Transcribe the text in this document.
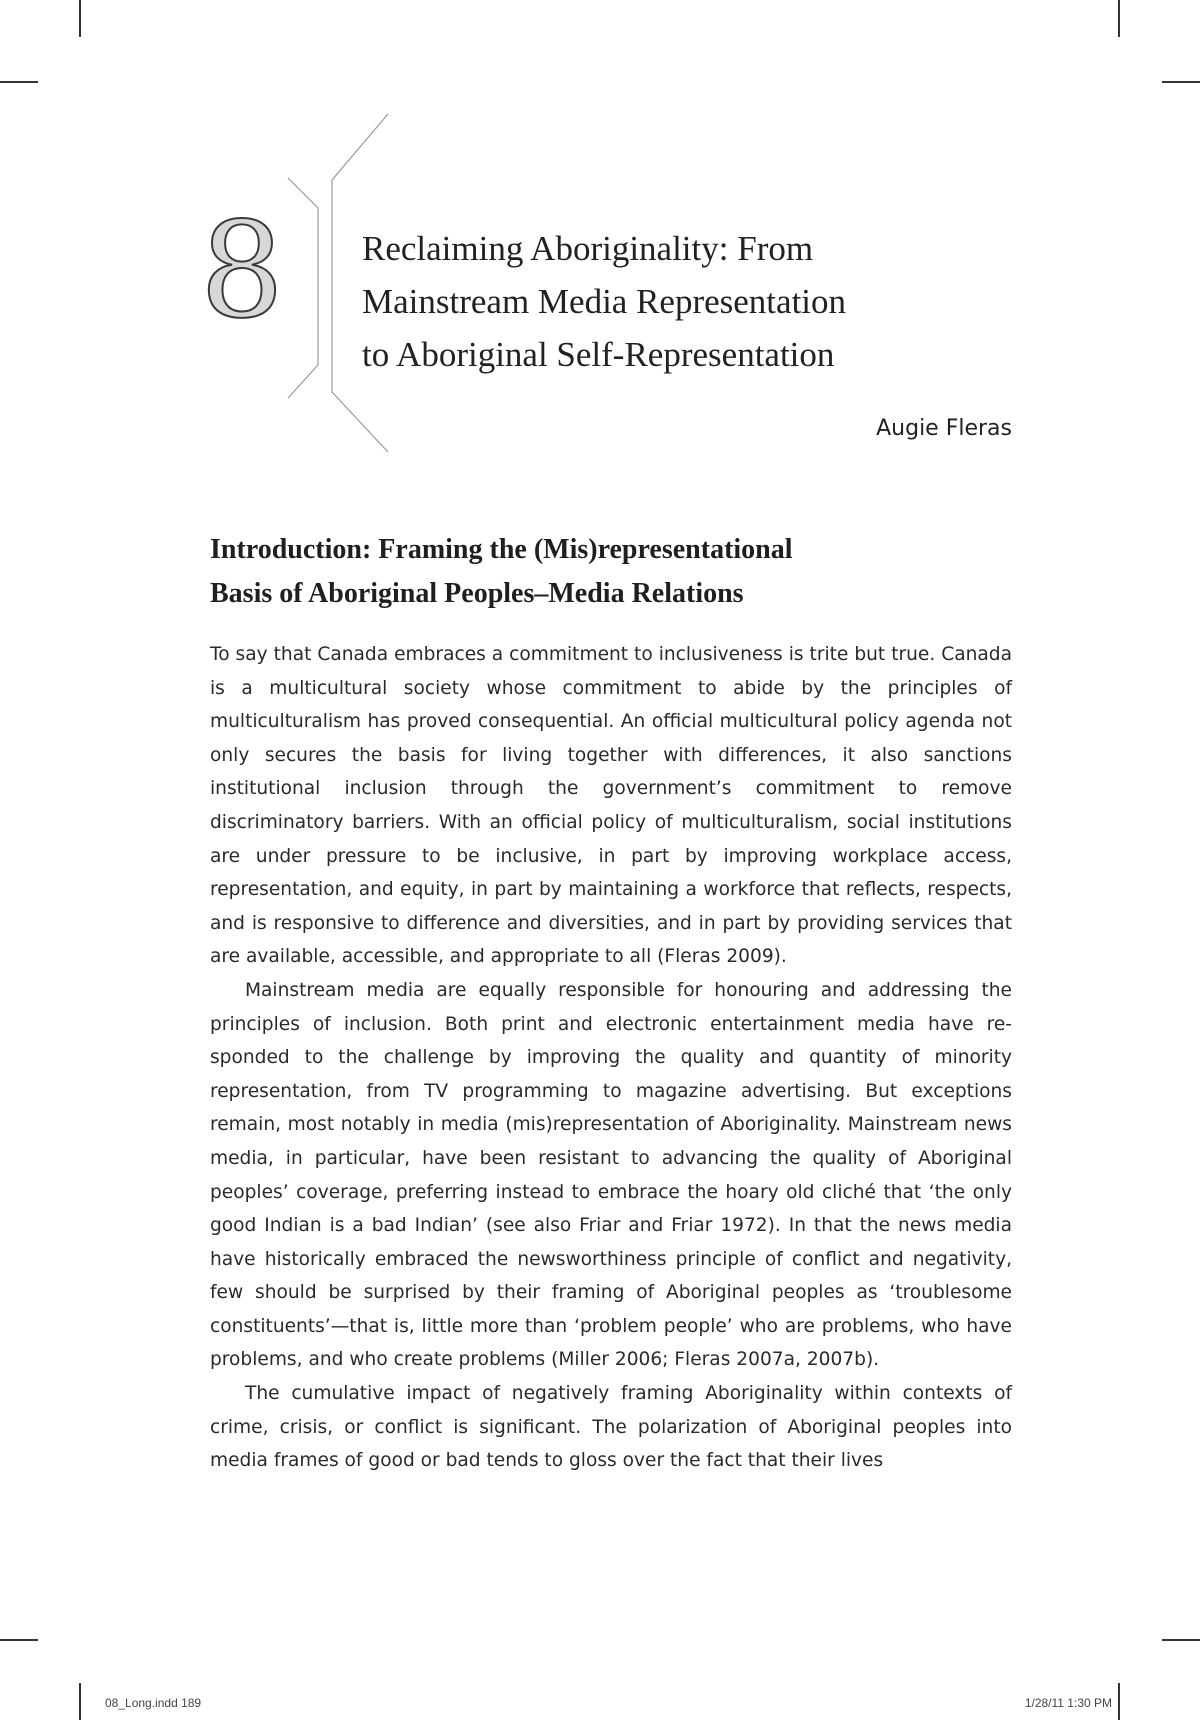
8 Reclaiming Aboriginality: From
Mainstream Media Representation
to Aboriginal Self-Representation
Augie Fleras
Introduction: Framing the (Mis)representational
Basis of Aboriginal Peoples–Media Relations

To say that Canada embraces a commitment to inclusiveness is trite but true. Canada is a multicultural society whose commitment to abide by the principles of multiculturalism has proved consequential. An official multicultural policy agenda not only secures the basis for living together with differences, it also sanctions institutional inclusion through the government’s commitment to remove discriminatory barriers. With an official policy of multiculturalism, social institutions are under pressure to be inclusive, in part by improving workplace access, representation, and equity, in part by maintaining a workforce that reflects, respects, and is responsive to difference and diversities, and in part by providing services that are available, accessible, and appropriate to all (Fleras 2009).

Mainstream media are equally responsible for honouring and addressing the principles of inclusion. Both print and electronic entertainment media have responded to the challenge by improving the quality and quantity of minority representation, from TV programming to magazine advertising. But exceptions remain, most notably in media (mis)representation of Aboriginality. Mainstream news media, in particular, have been resistant to advancing the quality of Aboriginal peoples’ coverage, preferring instead to embrace the hoary old cliché that ‘the only good Indian is a bad Indian’ (see also Friar and Friar 1972). In that the news media have historically embraced the newsworthiness principle of conflict and negativity, few should be surprised by their framing of Aboriginal peoples as ‘troublesome constituents’—that is, little more than ‘problem people’ who are problems, who have problems, and who create problems (Miller 2006; Fleras 2007a, 2007b).

The cumulative impact of negatively framing Aboriginality within contexts of crime, crisis, or conflict is significant. The polarization of Aboriginal peoples into media frames of good or bad tends to gloss over the fact that their lives

08_Long.indd 189	1/28/11 1:30 PM
